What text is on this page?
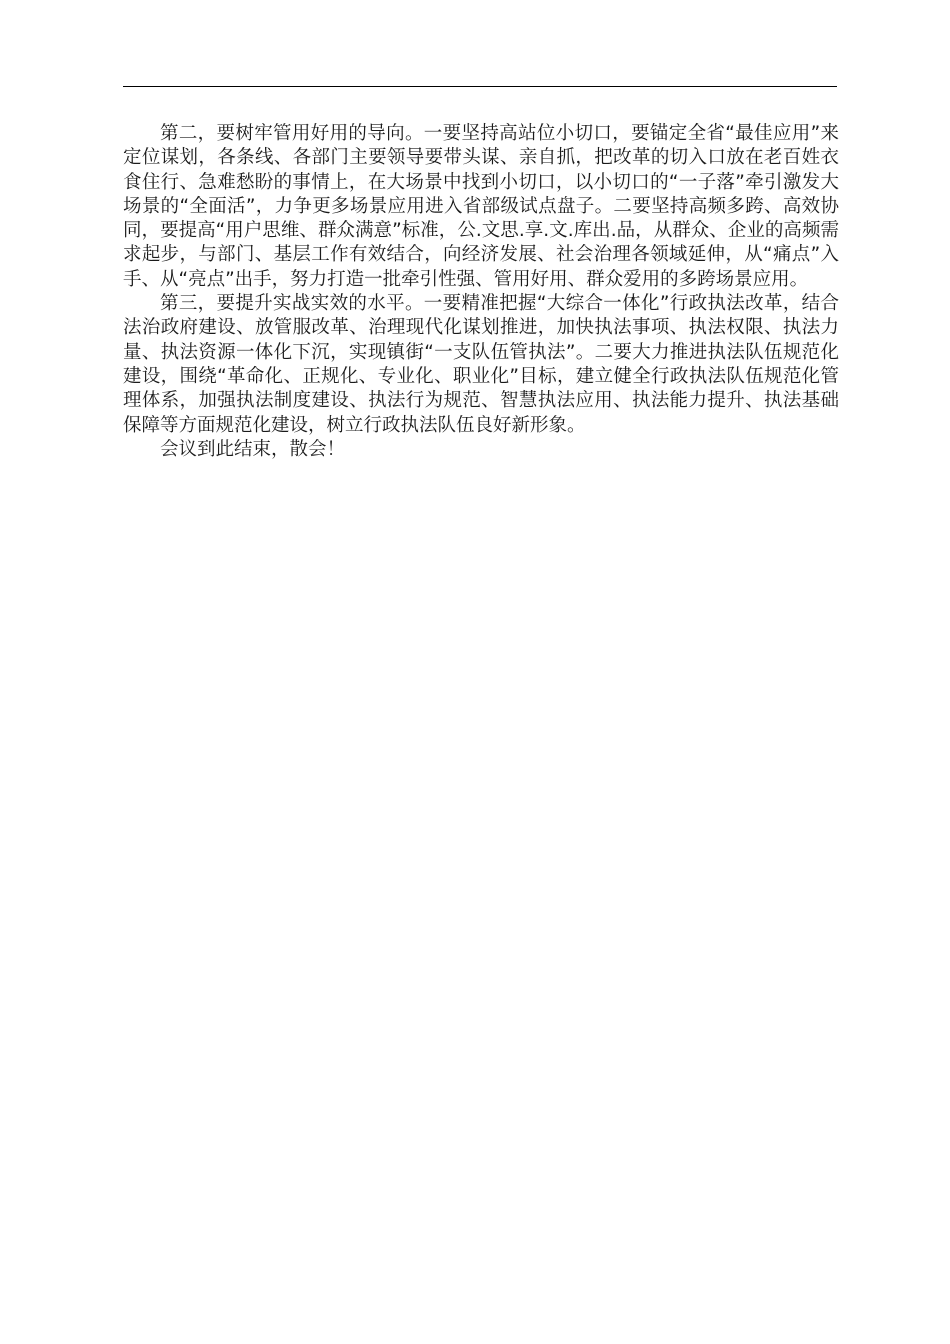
第二，要树牢管用好用的导向。一要坚持高站位小切口，要锚定全省“最佳应用”来定位谋划，各条线、各部门主要领导要带头谋、亲自抓，把改革的切入口放在老百姓衣食住行、急难愁盼的事情上，在大场景中找到小切口，以小切口的“一子落”牵引激发大场景的“全面活”，力争更多场景应用进入省部级试点盘子。二要坚持高频多跨、高效协同，要提高“用户思维、群众满意”标准，公.文思.享.文.库出.品，从群众、企业的高频需求起步，与部门、基层工作有效结合，向经济发展、社会治理各领域延伸，从“痛点”入手、从“亮点”出手，努力打造一批牵引性强、管用好用、群众爱用的多跨场景应用。

第三，要提升实战实效的水平。一要精准把握“大综合一体化”行政执法改革，结合法治政府建设、放管服改革、治理现代化谋划推进，加快执法事项、执法权限、执法力量、执法资源一体化下沉，实现镇街“一支队伍管执法”。二要大力推进执法队伍规范化建设，围绕“革命化、正规化、专业化、职业化”目标，建立健全行政执法队伍规范化管理体系，加强执法制度建设、执法行为规范、智慧执法应用、执法能力提升、执法基础保障等方面规范化建设，树立行政执法队伍良好新形象。

会议到此结束，散会！
